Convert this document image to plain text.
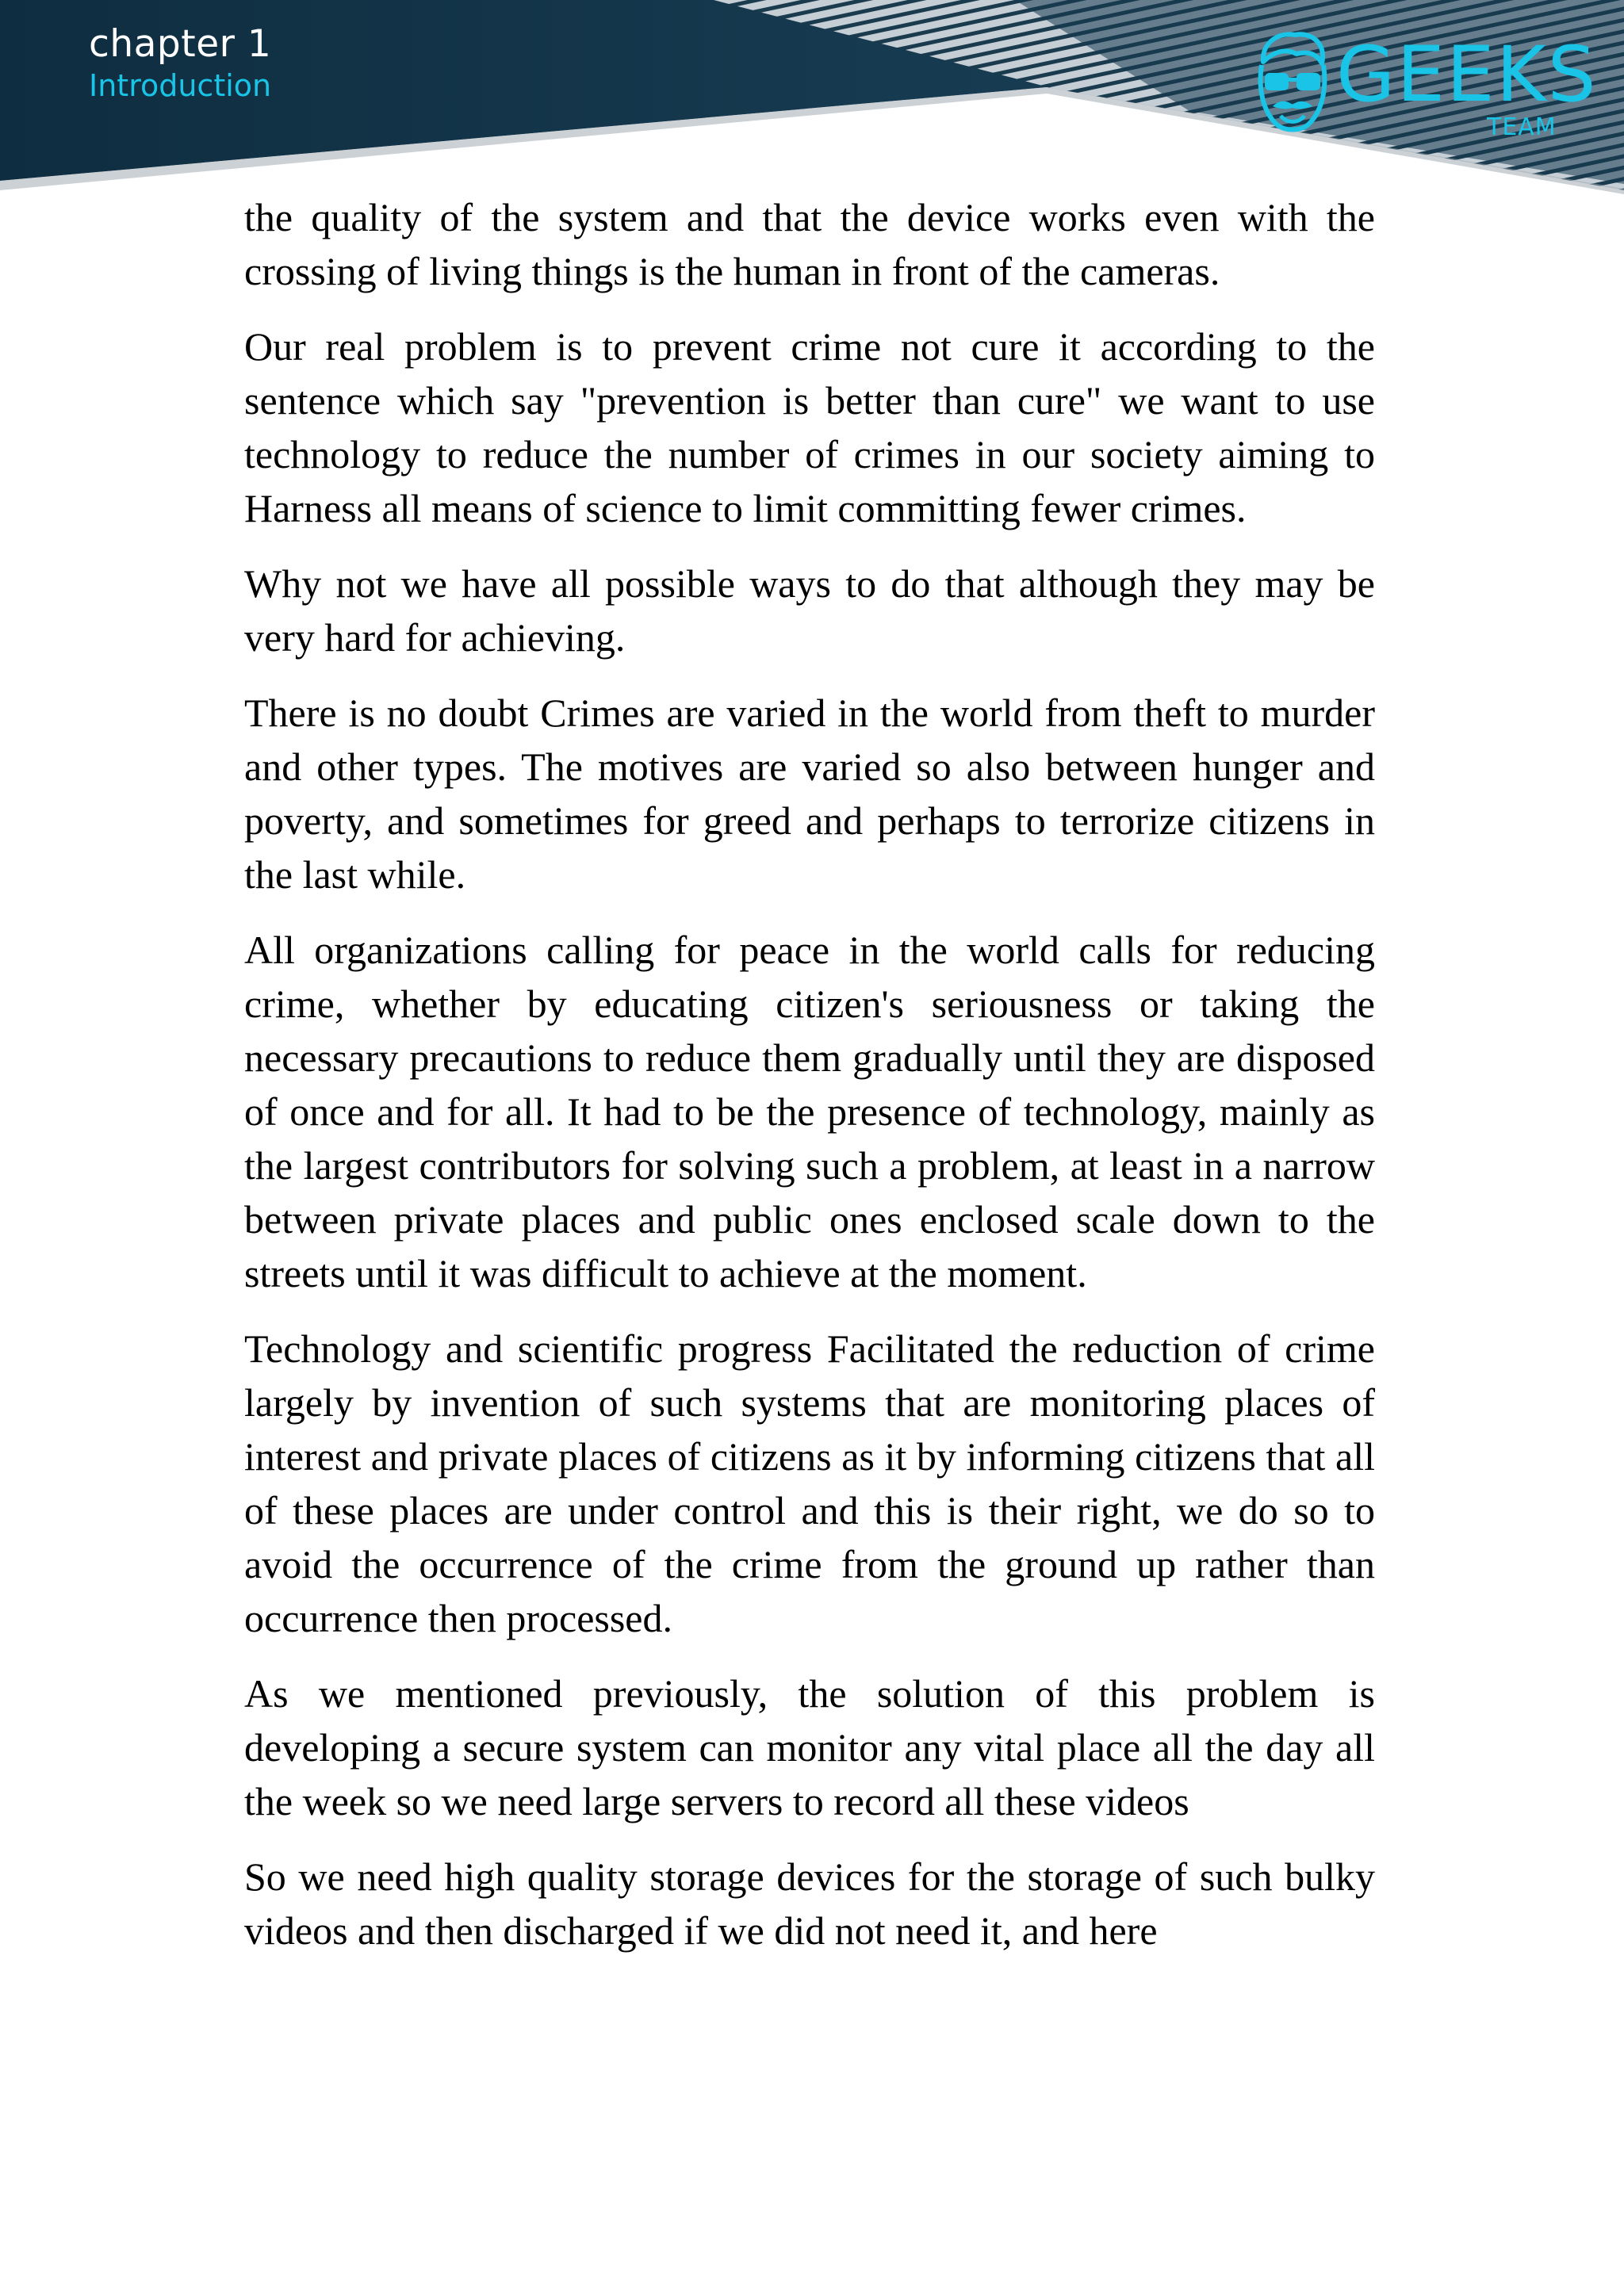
chapter 1
Introduction	GEEKS
TEAM

the quality of the system and that the device works even with the crossing of living things is the human in front of the cameras.

Our real problem is to prevent crime not cure it according to the sentence which say "prevention is better than cure" we want to use technology to reduce the number of crimes in our society aiming to Harness all means of science to limit committing fewer crimes.

Why not we have all possible ways to do that although they may be very hard for achieving.

There is no doubt Crimes are varied in the world from theft to murder and other types. The motives are varied so also between hunger and poverty, and sometimes for greed and perhaps to terrorize citizens in the last while.

All organizations calling for peace in the world calls for reducing crime, whether by educating citizen's seriousness or taking the necessary precautions to reduce them gradually until they are disposed of once and for all. It had to be the presence of technology, mainly as the largest contributors for solving such a problem, at least in a narrow between private places and public ones enclosed scale down to the streets until it was difficult to achieve at the moment.

Technology and scientific progress Facilitated the reduction of crime largely by invention of such systems that are monitoring places of interest and private places of citizens as it by informing citizens that all of these places are under control and this is their right, we do so to avoid the occurrence of the crime from the ground up rather than occurrence then processed.

As we mentioned previously, the solution of this problem is developing a secure system can monitor any vital place all the day all the week so we need large servers to record all these videos

So we need high quality storage devices for the storage of such bulky videos and then discharged if we did not need it, and here
